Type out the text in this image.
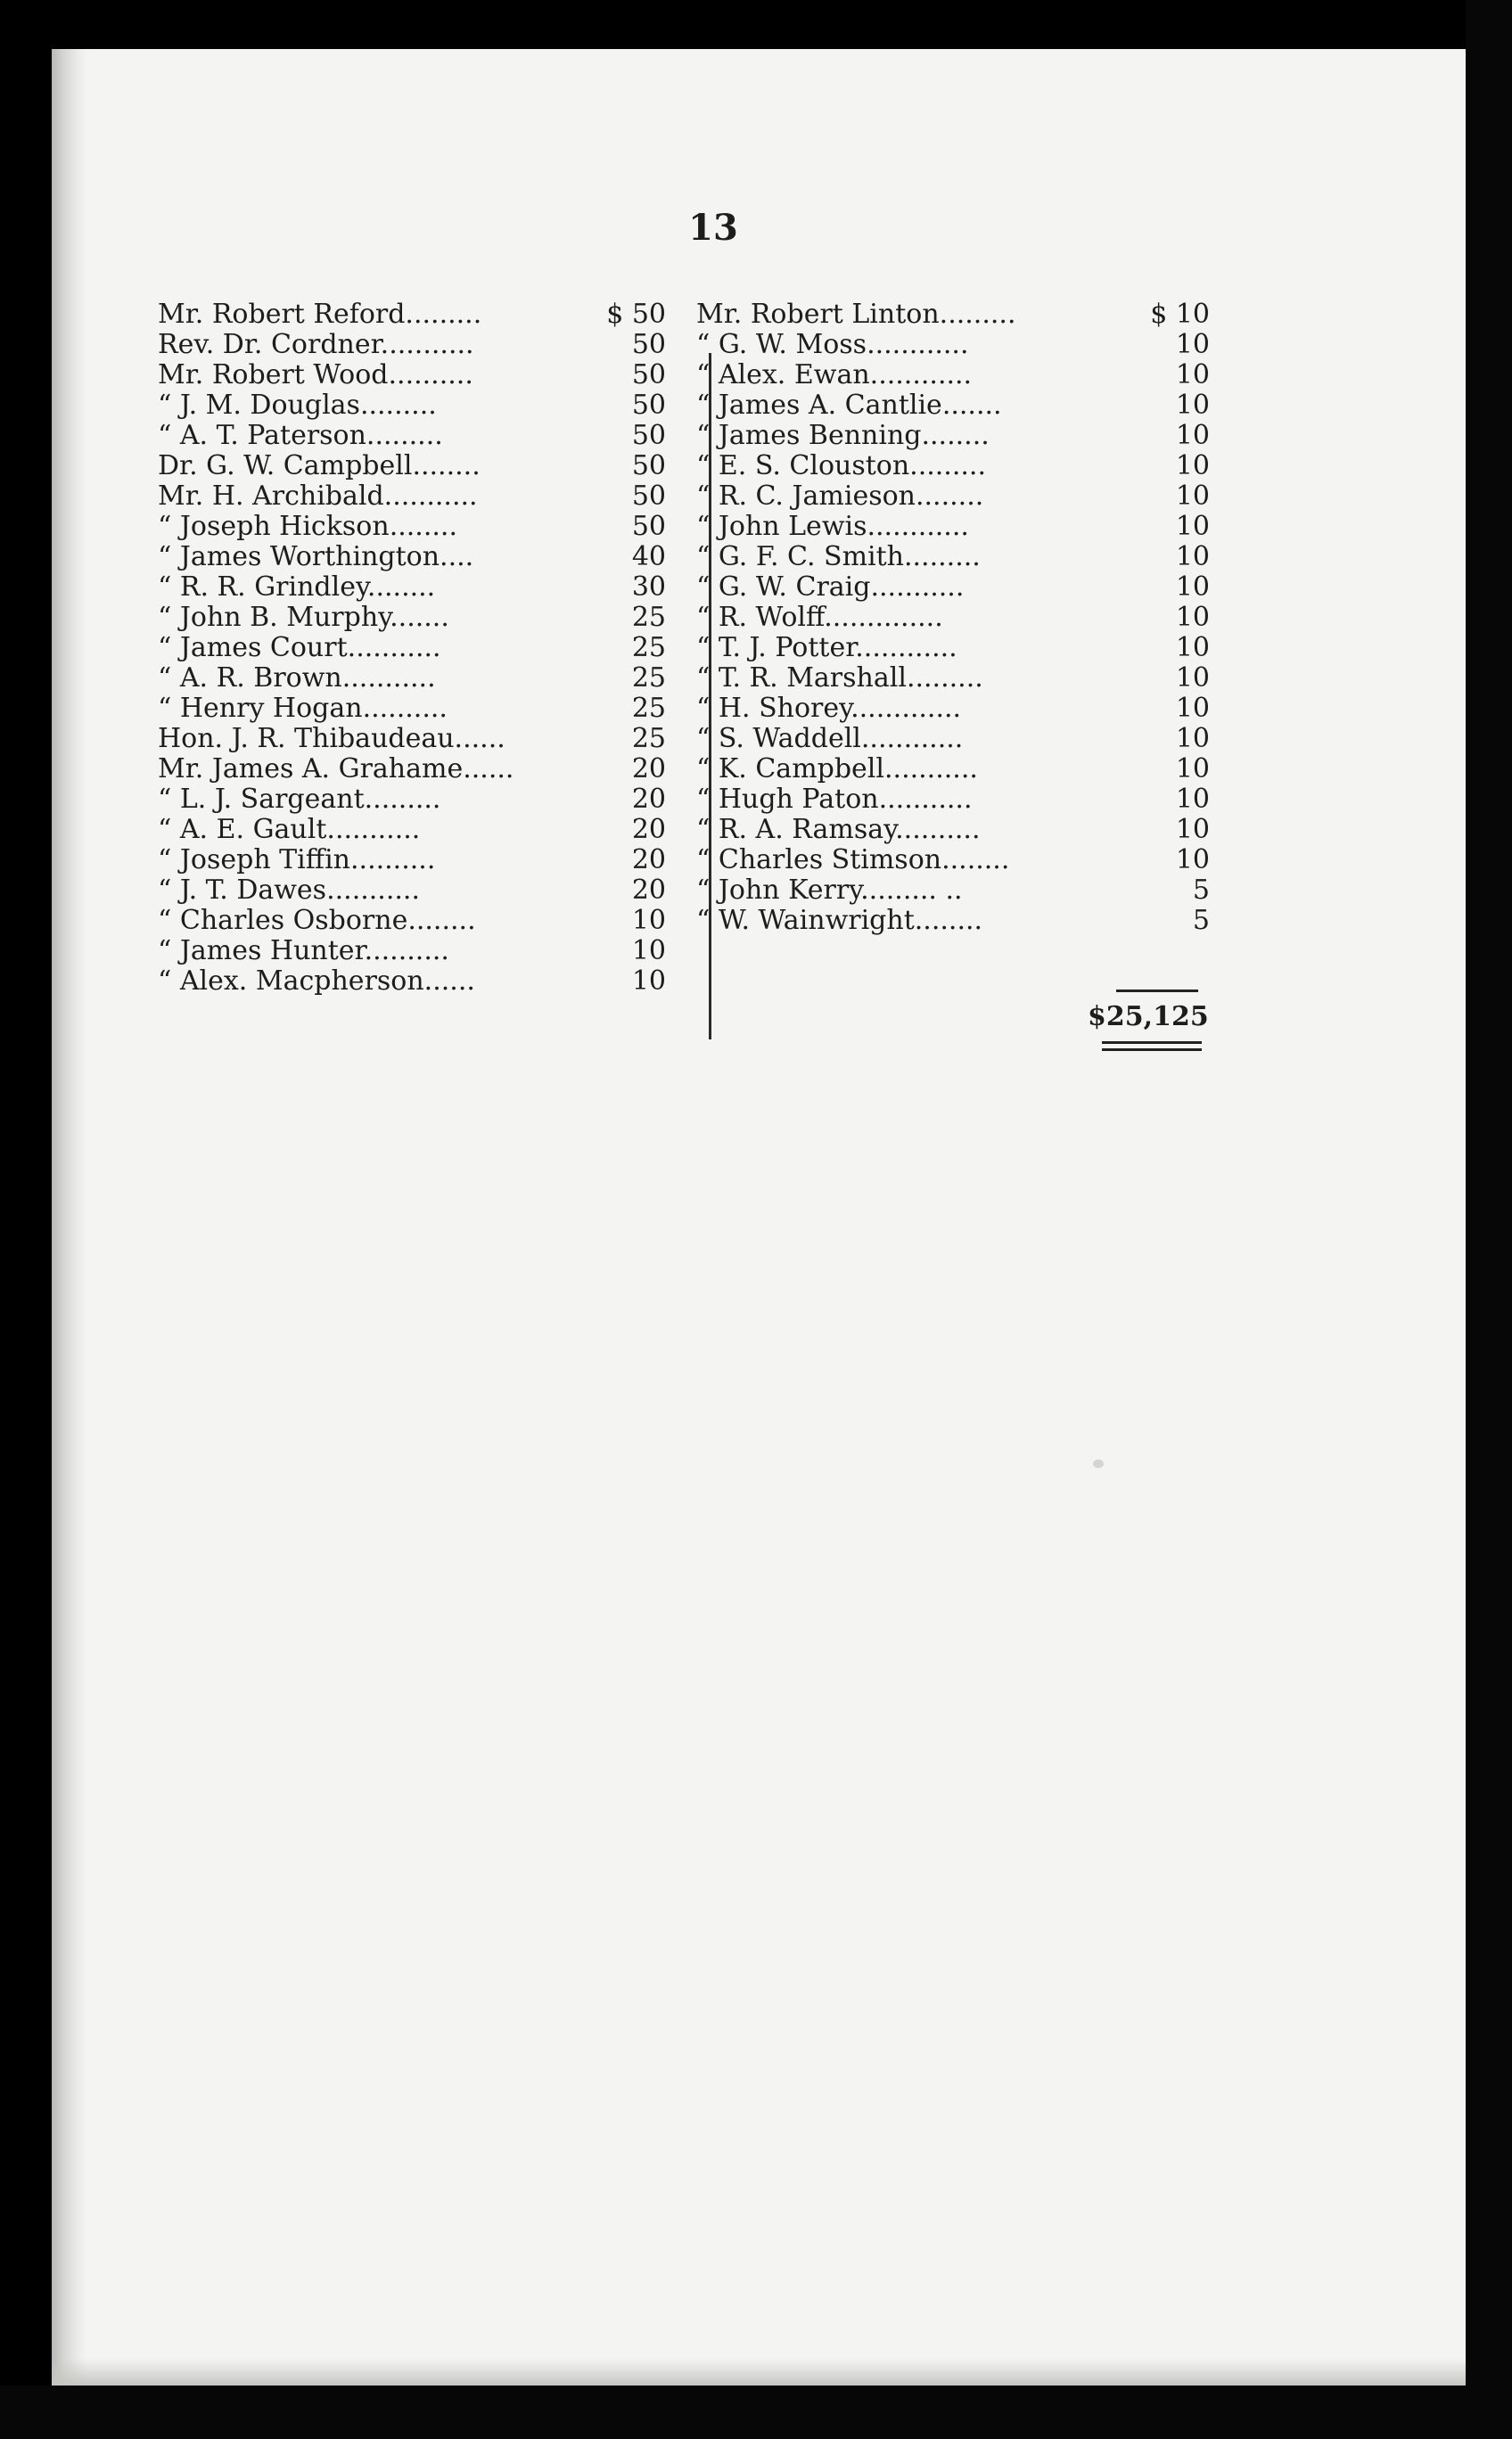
13
Mr. Robert Reford.........	$ 50
Rev. Dr. Cordner...........	50
Mr. Robert Wood..........	50
“ J. M. Douglas.........	50
“ A. T. Paterson.........	50
Dr. G. W. Campbell........	50
Mr. H. Archibald...........	50
“ Joseph Hickson........	50
“ James Worthington....	40
“ R. R. Grindley........	30
“ John B. Murphy.......	25
“ James Court...........	25
“ A. R. Brown...........	25
“ Henry Hogan..........	25
Hon. J. R. Thibaudeau......	25
Mr. James A. Grahame......	20
“ L. J. Sargeant.........	20
“ A. E. Gault...........	20
“ Joseph Tiffin..........	20
“ J. T. Dawes...........	20
“ Charles Osborne........	10
“ James Hunter..........	10
“ Alex. Macpherson......	10
Mr. Robert Linton.........	$ 10
“ G. W. Moss............	10
“ Alex. Ewan............	10
“ James A. Cantlie.......	10
“ James Benning........	10
“ E. S. Clouston.........	10
“ R. C. Jamieson........	10
“ John Lewis............	10
“ G. F. C. Smith.........	10
“ G. W. Craig...........	10
“ R. Wolff..............	10
“ T. J. Potter............	10
“ T. R. Marshall.........	10
“ H. Shorey.............	10
“ S. Waddell............	10
“ K. Campbell...........	10
“ Hugh Paton...........	10
“ R. A. Ramsay..........	10
“ Charles Stimson........	10
“ John Kerry......... ..	5
“ W. Wainwright........	5
$25,125
